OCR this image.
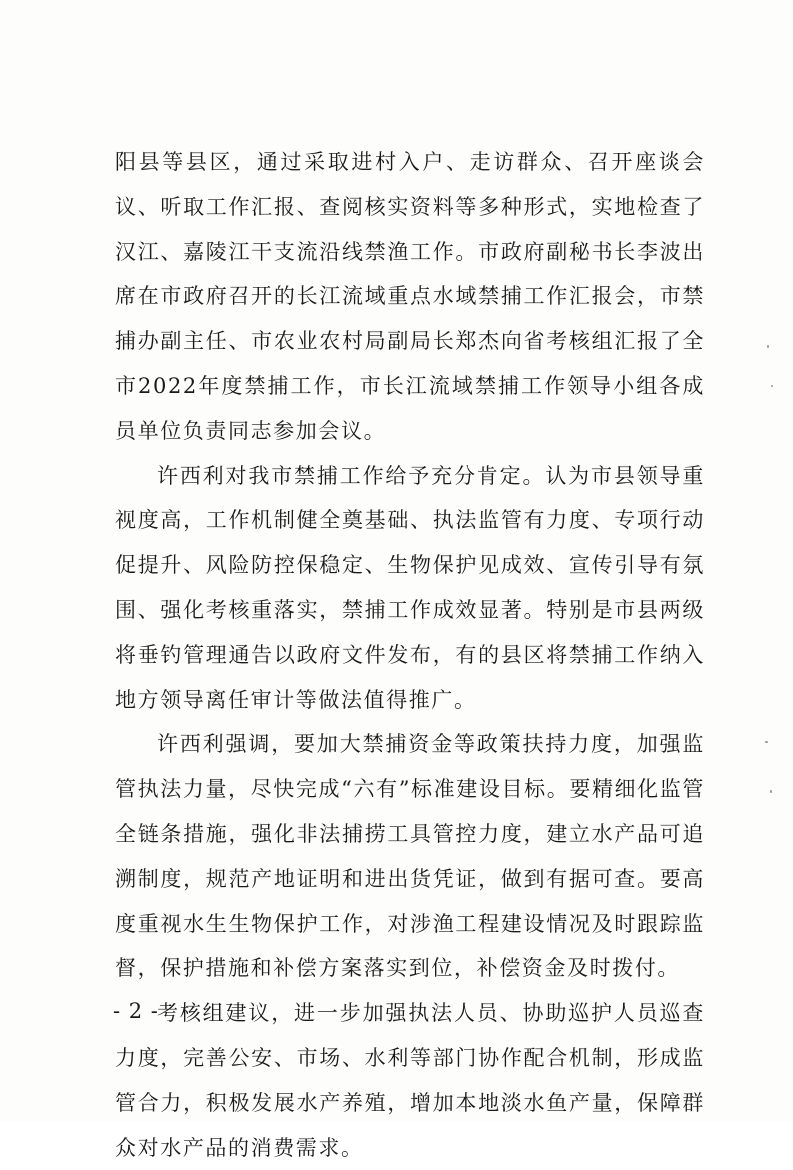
阳县等县区，通过采取进村入户、走访群众、召开座谈会议、听取工作汇报、查阅核实资料等多种形式，实地检查了汉江、嘉陵江干支流沿线禁渔工作。市政府副秘书长李波出席在市政府召开的长江流域重点水域禁捕工作汇报会，市禁捕办副主任、市农业农村局副局长郑杰向省考核组汇报了全市2022年度禁捕工作，市长江流域禁捕工作领导小组各成员单位负责同志参加会议。

许西利对我市禁捕工作给予充分肯定。认为市县领导重视度高，工作机制健全奠基础、执法监管有力度、专项行动促提升、风险防控保稳定、生物保护见成效、宣传引导有氛围、强化考核重落实，禁捕工作成效显著。特别是市县两级将垂钓管理通告以政府文件发布，有的县区将禁捕工作纳入地方领导离任审计等做法值得推广。

许西利强调，要加大禁捕资金等政策扶持力度，加强监管执法力量，尽快完成“六有”标准建设目标。要精细化监管全链条措施，强化非法捕捞工具管控力度，建立水产品可追溯制度，规范产地证明和进出货凭证，做到有据可查。要高度重视水生生物保护工作，对涉渔工程建设情况及时跟踪监督，保护措施和补偿方案落实到位，补偿资金及时拨付。

考核组建议，进一步加强执法人员、协助巡护人员巡查力度，完善公安、市场、水利等部门协作配合机制，形成监管合力，积极发展水产养殖，增加本地淡水鱼产量，保障群众对水产品的消费需求。

- 2 -
